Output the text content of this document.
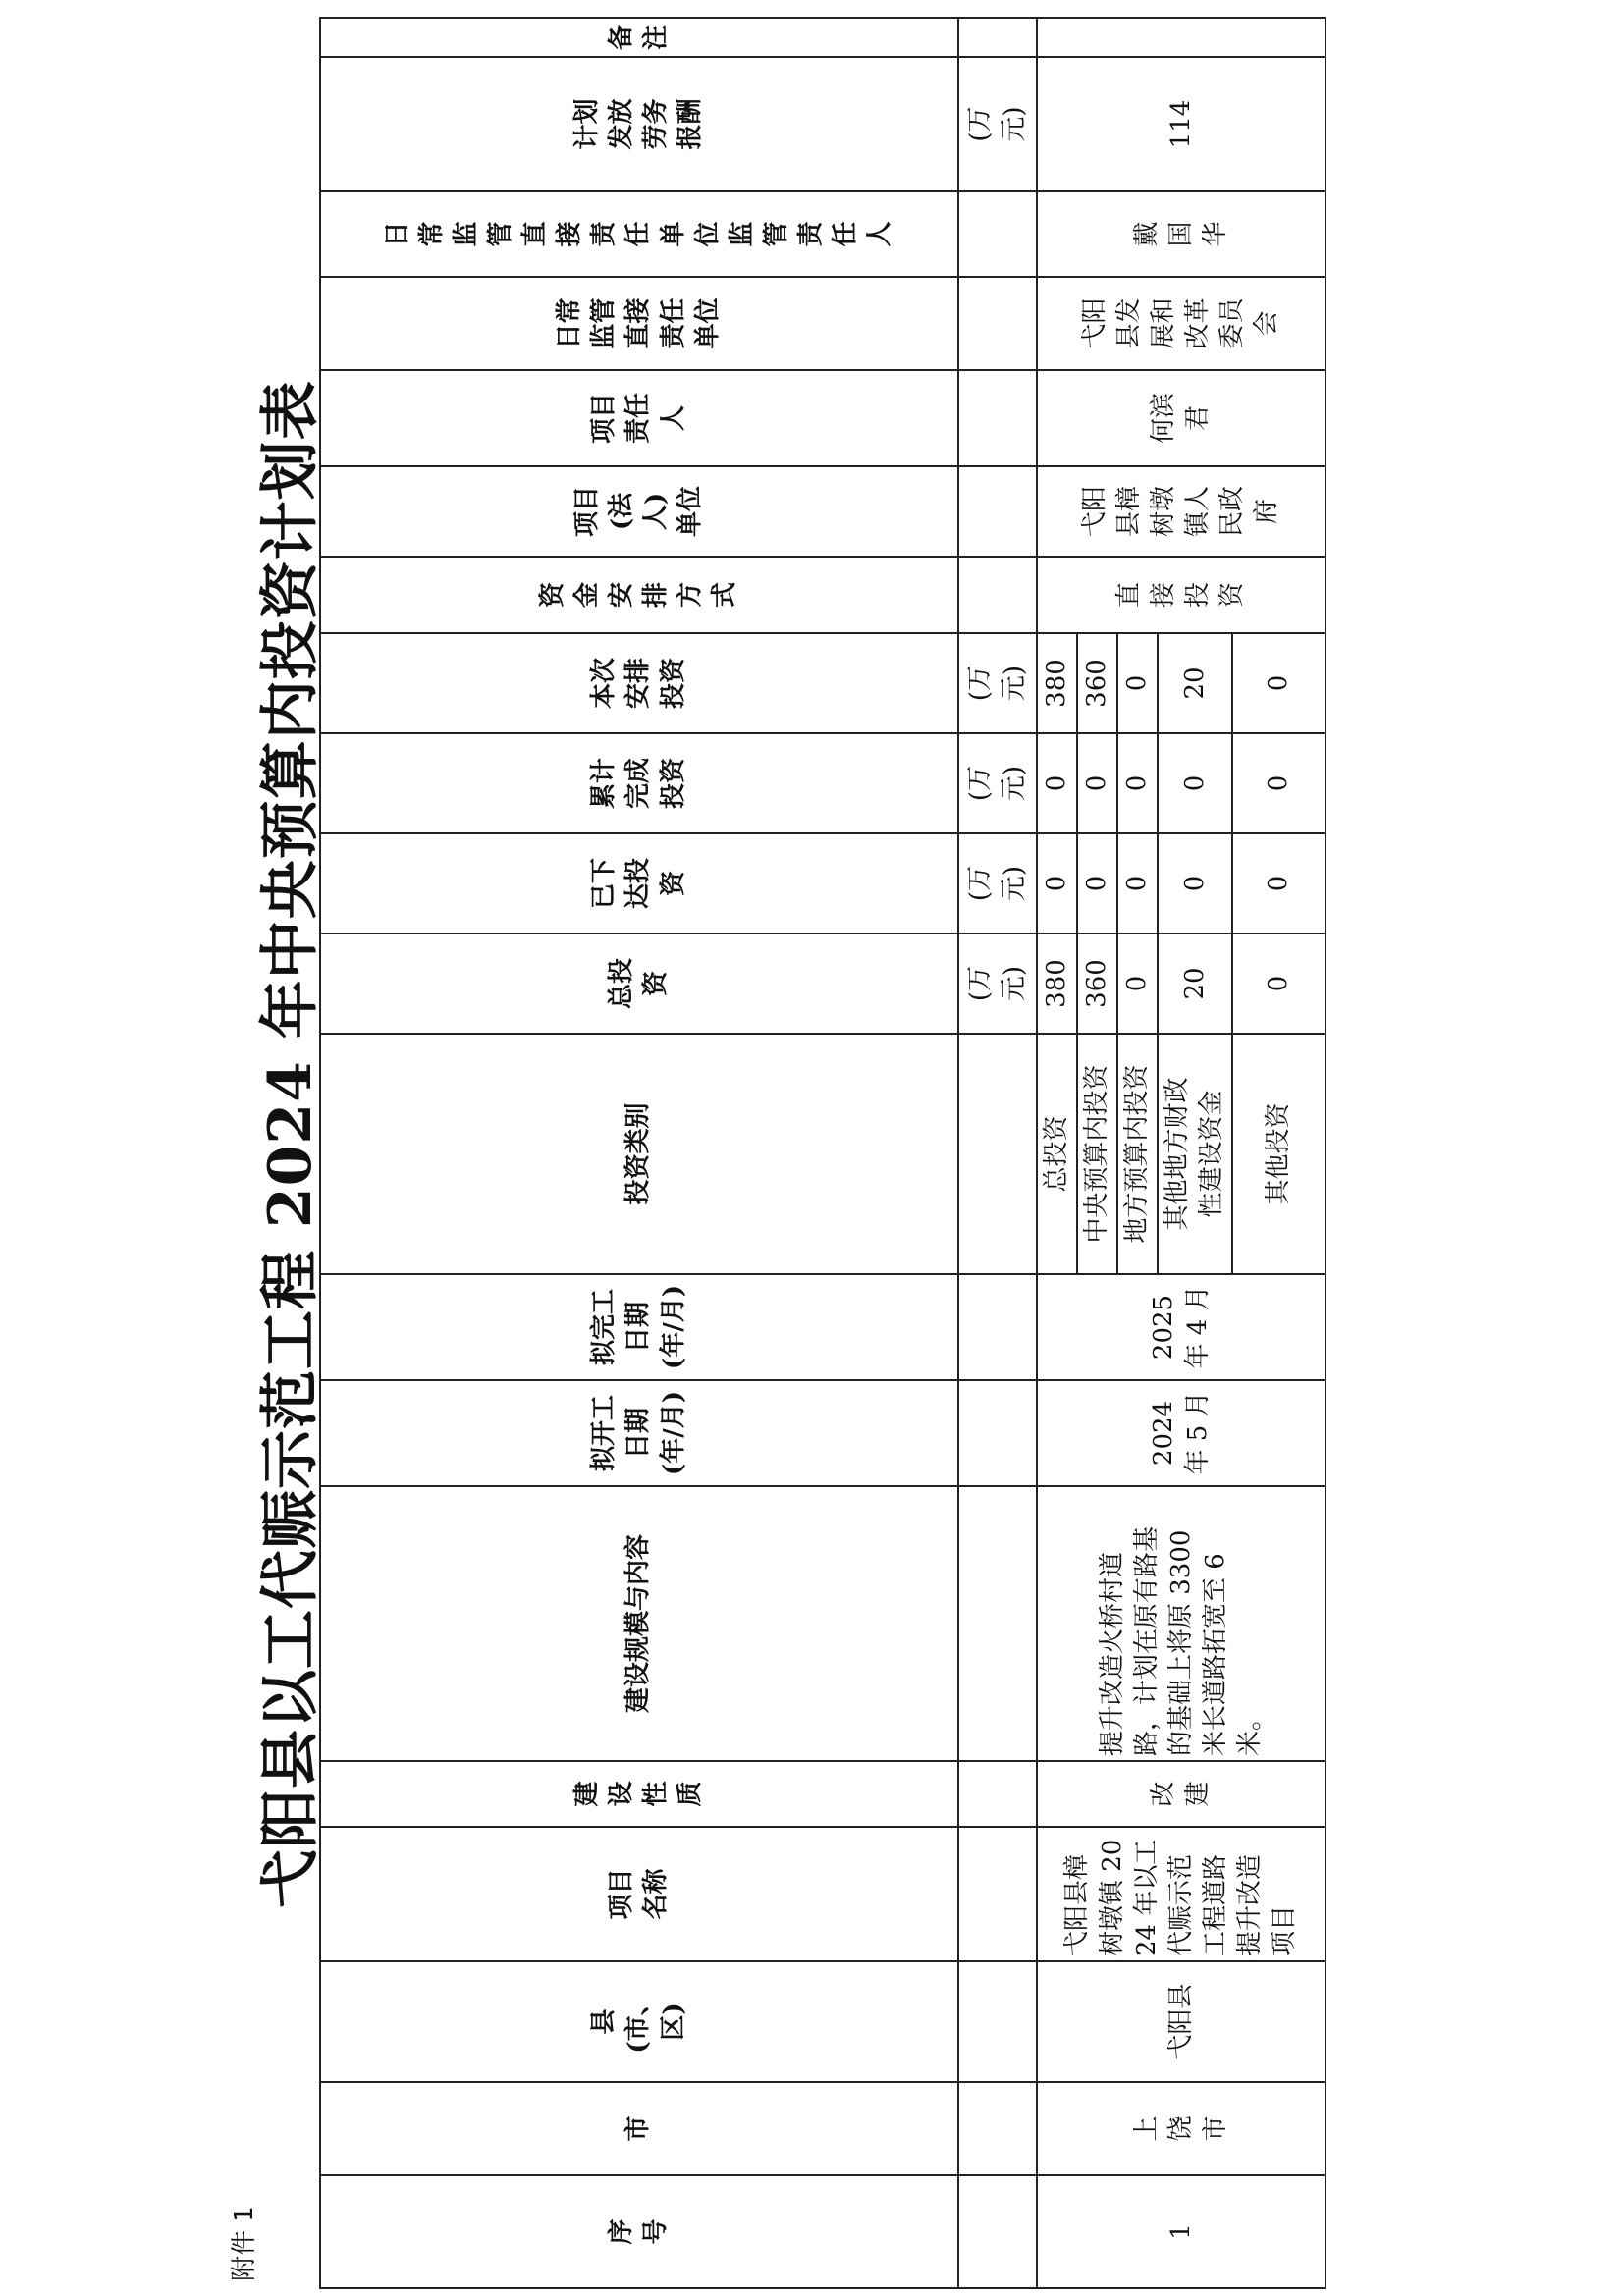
附件 1
弋阳县以工代赈示范工程 2024 年中央预算内投资计划表
序号	市	县(市、区)	项目名称	建设性质	建设规模与内容	拟开工日期(年/月)	拟完工日期(年/月)	投资类别	总投资	已下达投资	累计完成投资	本次安排投资	资金安排方式	项目(法人)单位	项目责任人	日常监管直接责任单位	日常监管直接责任单位监管责任人	计划发放劳务报酬	备注
									(万元)	(万元)	(万元)	(万元)						(万元)	
1	上饶市	弋阳县	弋阳县樟树墩镇 2024 年以工代赈示范工程道路提升改造项目	改建	提升改造火桥村道路，计划在原有路基的基础上将原 3300 米长道路拓宽至 6 米。	2024 年 5 月	2025 年 4 月	总投资	380	0	0	380	直接投资	弋阳县樟树墩镇人民政府	何滨君	弋阳县发展和改革委员会	戴国华	114	
								中央预算内投资	360	0	0	360							
								地方预算内投资	0	0	0	0							
								其他地方财政性建设资金	20	0	0	20							
								其他投资	0	0	0	0							
